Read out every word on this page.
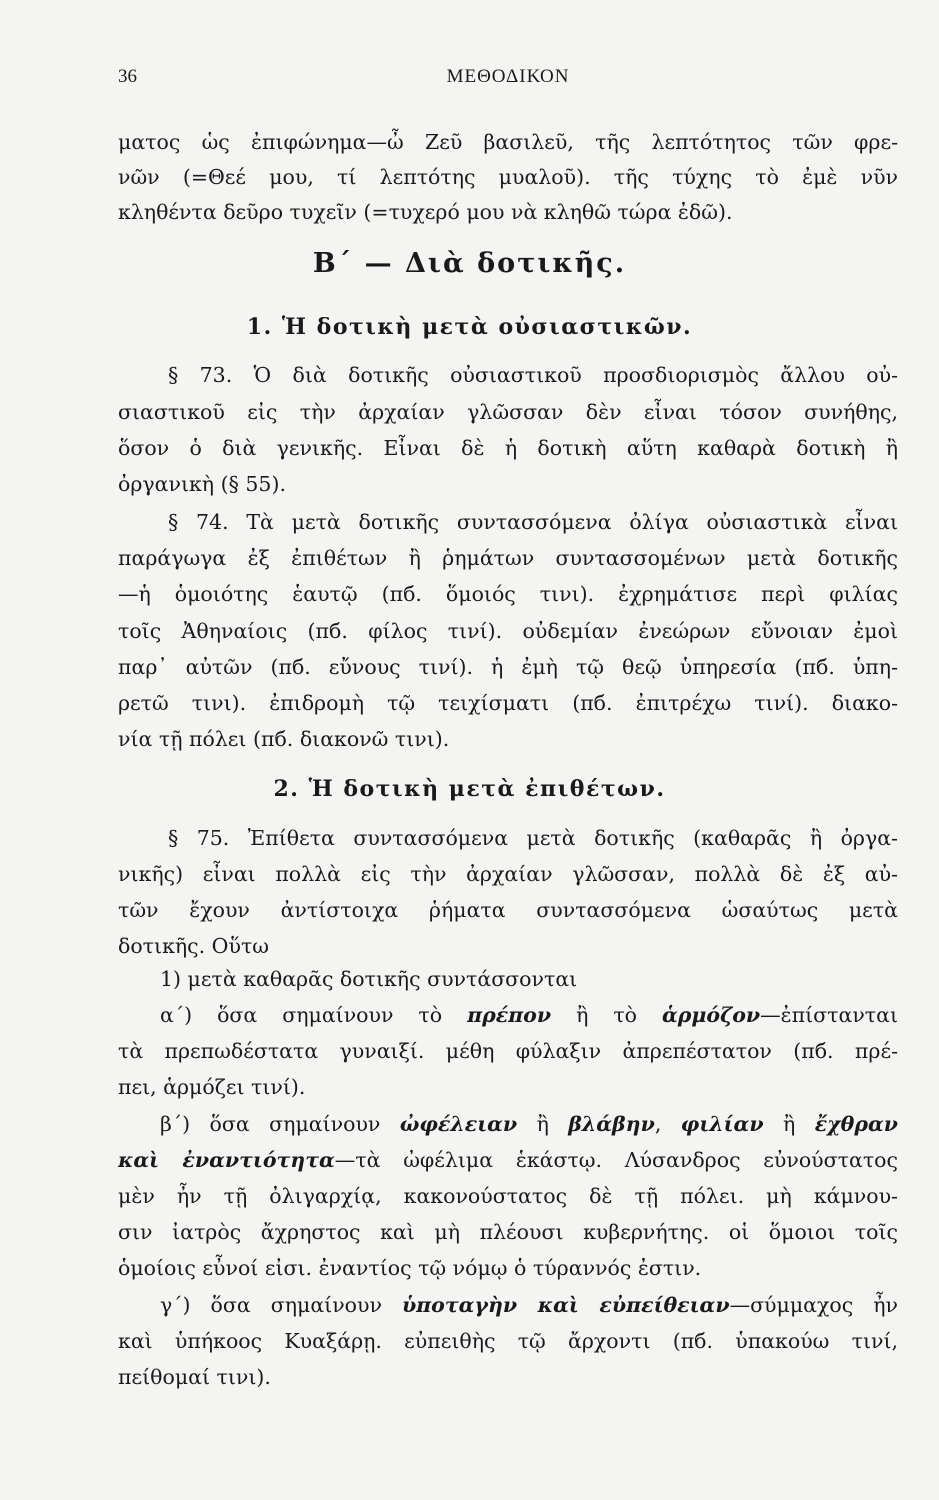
36	ΜΕΘΟΔΙΚΟΝ
ματος ὡς ἐπιφώνημα—ὦ Ζεῦ βασιλεῦ, τῆς λεπτότητος τῶν φρε-
νῶν (=Θεέ μου, τί λεπτότης μυαλοῦ). τῆς τύχης τὸ ἐμὲ νῦν
κληθέντα δεῦρο τυχεῖν (=τυχερό μου νὰ κληθῶ τώρα ἐδῶ).
Β΄ — Διὰ δοτικῆς.
1. Ἡ δοτικὴ μετὰ οὐσιαστικῶν.
§ 73. Ὁ διὰ δοτικῆς οὐσιαστικοῦ προσδιορισμὸς ἄλλου οὐ-
σιαστικοῦ εἰς τὴν ἀρχαίαν γλῶσσαν δὲν εἶναι τόσον συνήθης,
ὅσον ὁ διὰ γενικῆς. Εἶναι δὲ ἡ δοτικὴ αὕτη καθαρὰ δοτικὴ ἢ
ὀργανικὴ (§ 55).
§ 74. Τὰ μετὰ δοτικῆς συντασσόμενα ὀλίγα οὐσιαστικὰ εἶναι
παράγωγα ἐξ ἐπιθέτων ἢ ῥημάτων συντασσομένων μετὰ δοτικῆς
—ἡ ὁμοιότης ἑαυτῷ (πб. ὅμοιός τινι). ἐχρημάτισε περὶ φιλίας
τοῖς Ἀθηναίοις (πб. φίλος τινί). οὐδεμίαν ἐνεώρων εὔνοιαν ἐμοὶ
παρ᾽ αὐτῶν (πб. εὔνους τινί). ἡ ἐμὴ τῷ θεῷ ὑπηρεσία (πб. ὑπη-
ρετῶ τινι). ἐπιδρομὴ τῷ τειχίσματι (πб. ἐπιτρέχω τινί). διακο-
νία τῇ πόλει (πб. διακονῶ τινι).
2. Ἡ δοτικὴ μετὰ ἐπιθέτων.
§ 75. Ἐπίθετα συντασσόμενα μετὰ δοτικῆς (καθαρᾶς ἢ ὀργα-
νικῆς) εἶναι πολλὰ εἰς τὴν ἀρχαίαν γλῶσσαν, πολλὰ δὲ ἐξ αὐ-
τῶν ἔχουν ἀντίστοιχα ῥήματα συντασσόμενα ὡσαύτως μετὰ
δοτικῆς. Οὕτω
1) μετὰ καθαρᾶς δοτικῆς συντάσσονται
α΄) ὅσα σημαίνουν τὸ πρέπον ἢ τὸ ἁρμόζον—ἐπίστανται
τὰ πρεπωδέστατα γυναιξί. μέθη φύλαξιν ἀπρεπέστατον (πб. πρέ-
πει, ἁρμόζει τινί).
β΄) ὅσα σημαίνουν ὠφέλειαν ἢ βλάβην, φιλίαν ἢ ἔχθραν
καὶ ἐναντιότητα—τὰ ὠφέλιμα ἑκάστῳ. Λύσανδρος εὐνούστατος
μὲν ἦν τῇ ὀλιγαρχίᾳ, κακονούστατος δὲ τῇ πόλει. μὴ κάμνου-
σιν ἰατρὸς ἄχρηστος καὶ μὴ πλέουσι κυβερνήτης. οἱ ὅμοιοι τοῖς
ὁμοίοις εὖνοί εἰσι. ἐναντίος τῷ νόμῳ ὁ τύραννός ἐστιν.
γ΄) ὅσα σημαίνουν ὑποταγὴν καὶ εὐπείθειαν—σύμμαχος ἦν
καὶ ὑπήκοος Κυαξάρῃ. εὐπειθὴς τῷ ἄρχοντι (πб. ὑπακούω τινί,
πείθομαί τινι).
